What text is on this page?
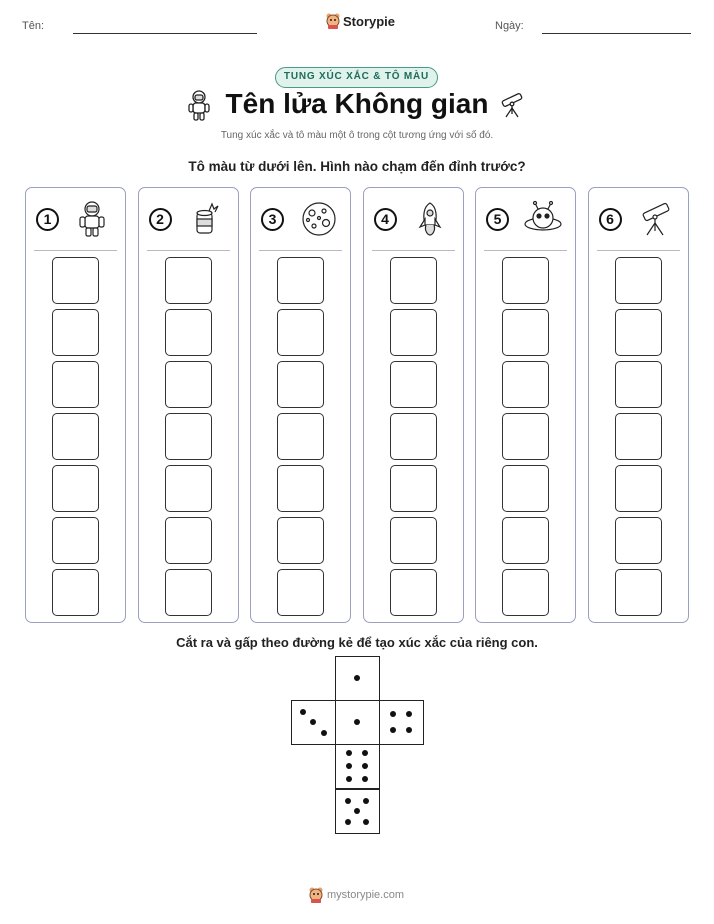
Tên:	Ngày:
Storypie
TUNG XÚC XẮC & TÔ MÀU
Tên lửa Không gian
Tung xúc xắc và tô màu một ô trong cột tương ứng với số đó.
Tô màu từ dưới lên. Hình nào chạm đến đỉnh trước?
1	2	3	4	5	6
Cắt ra và gấp theo đường kẻ để tạo xúc xắc của riêng con.
mystorypie.com
